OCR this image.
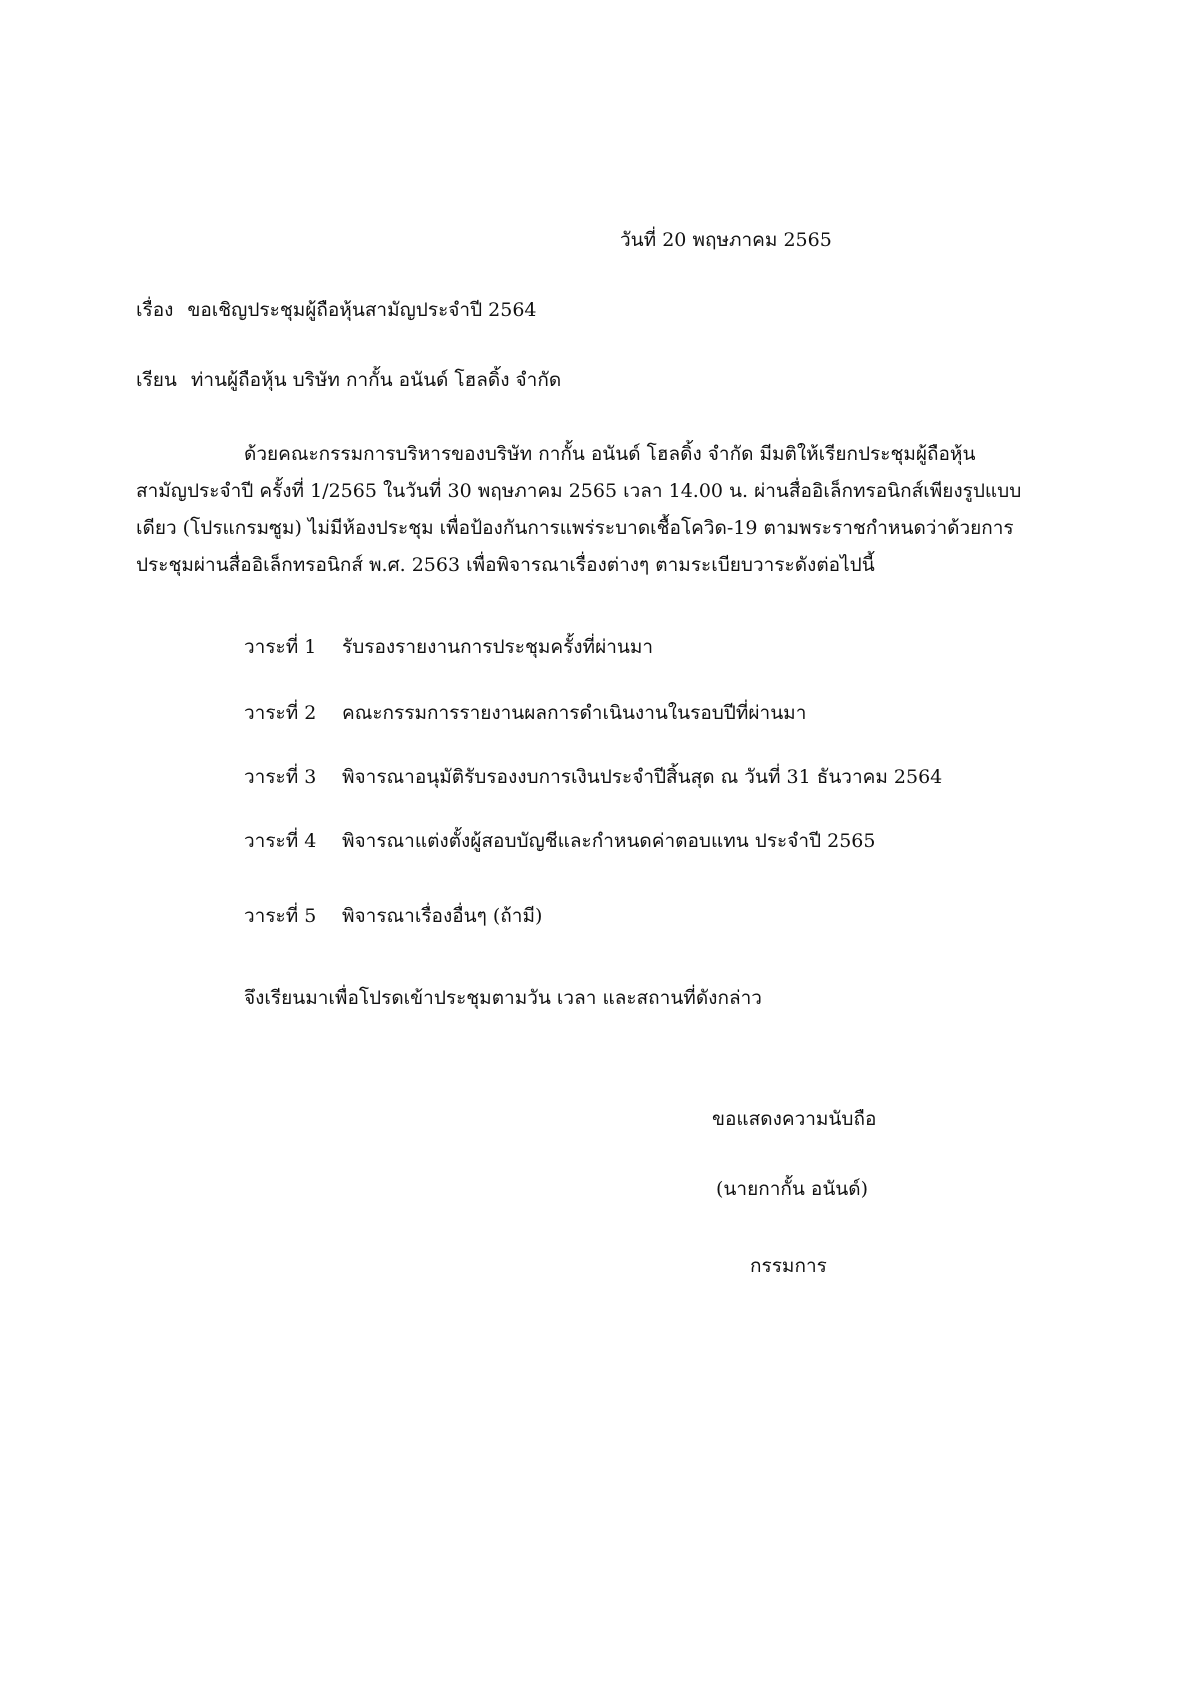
วันที่ 20 พฤษภาคม 2565
เรื่อง ขอเชิญประชุมผู้ถือหุ้นสามัญประจำปี 2564
เรียน ท่านผู้ถือหุ้น บริษัท กากั้น อนันด์ โฮลดิ้ง จำกัด
ด้วยคณะกรรมการบริหารของบริษัท กากั้น อนันด์ โฮลดิ้ง จำกัด มีมติให้เรียกประชุมผู้ถือหุ้น
สามัญประจำปี ครั้งที่ 1/2565 ในวันที่ 30 พฤษภาคม 2565 เวลา 14.00 น. ผ่านสื่ออิเล็กทรอนิกส์เพียงรูปแบบ
เดียว (โปรแกรมซูม) ไม่มีห้องประชุม เพื่อป้องกันการแพร่ระบาดเชื้อโควิด-19 ตามพระราชกำหนดว่าด้วยการ
ประชุมผ่านสื่ออิเล็กทรอนิกส์ พ.ศ. 2563 เพื่อพิจารณาเรื่องต่างๆ ตามระเบียบวาระดังต่อไปนี้
วาระที่ 1 รับรองรายงานการประชุมครั้งที่ผ่านมา
วาระที่ 2 คณะกรรมการรายงานผลการดำเนินงานในรอบปีที่ผ่านมา
วาระที่ 3 พิจารณาอนุมัติรับรองงบการเงินประจำปีสิ้นสุด ณ วันที่ 31 ธันวาคม 2564
วาระที่ 4 พิจารณาแต่งตั้งผู้สอบบัญชีและกำหนดค่าตอบแทน ประจำปี 2565
วาระที่ 5 พิจารณาเรื่องอื่นๆ (ถ้ามี)
จึงเรียนมาเพื่อโปรดเข้าประชุมตามวัน เวลา และสถานที่ดังกล่าว
ขอแสดงความนับถือ
(นายกากั้น อนันด์)
กรรมการ
